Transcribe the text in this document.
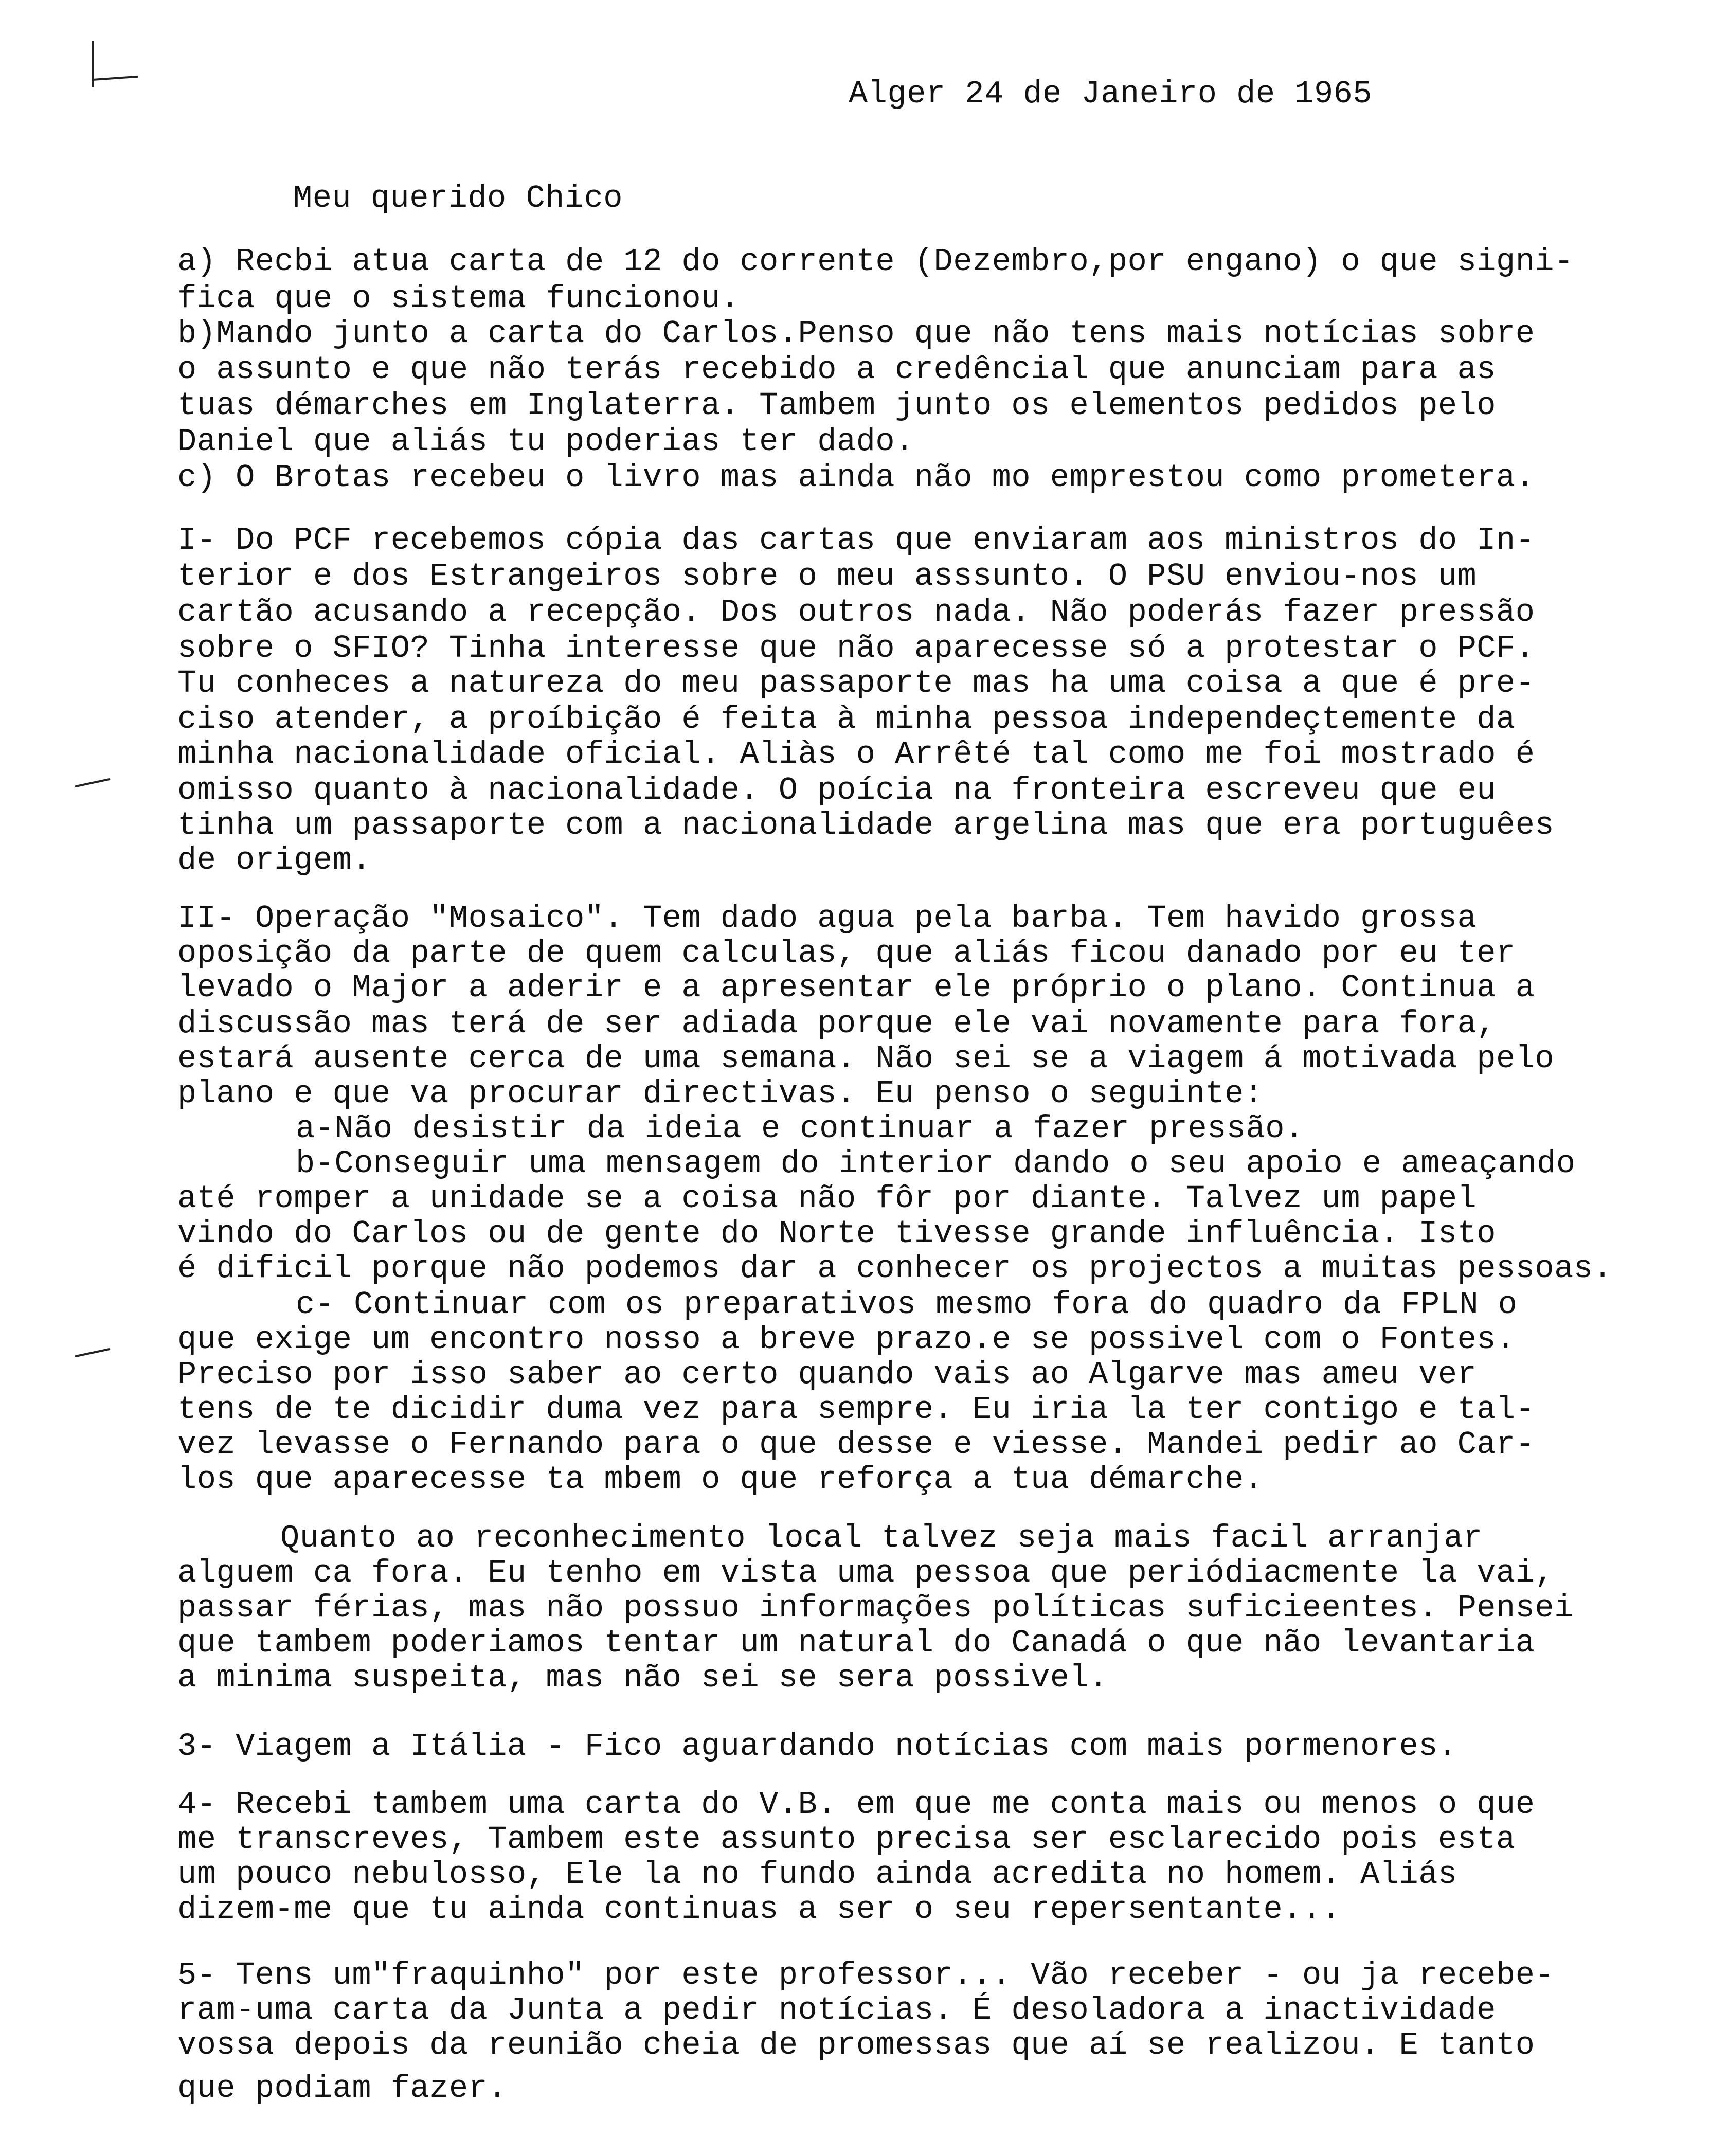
Alger 24 de Janeiro de 1965
Meu querido Chico
a) Recbi atua carta de 12 do corrente (Dezembro,por engano) o que signi-
fica que o sistema funcionou.
b)Mando junto a carta do Carlos.Penso que não tens mais notícias sobre
o assunto e que não terás recebido a credêncial que anunciam para as
tuas démarches em Inglaterra. Tambem junto os elementos pedidos pelo
Daniel que aliás tu poderias ter dado.
c) O Brotas recebeu o livro mas ainda não mo emprestou como prometera.
I- Do PCF recebemos cópia das cartas que enviaram aos ministros do In-
terior e dos Estrangeiros sobre o meu asssunto. O PSU enviou-nos um
cartão acusando a recepção. Dos outros nada. Não poderás fazer pressão
sobre o SFIO? Tinha interesse que não aparecesse só a protestar o PCF.
Tu conheces a natureza do meu passaporte mas ha uma coisa a que é pre-
ciso atender, a proíbição é feita à minha pessoa independeçtemente da
minha nacionalidade oficial. Aliàs o Arrêté tal como me foi mostrado é
omisso quanto à nacionalidade. O poícia na fronteira escreveu que eu
tinha um passaporte com a nacionalidade argelina mas que era portuguêes
de origem.
II- Operação "Mosaico". Tem dado agua pela barba. Tem havido grossa
oposição da parte de quem calculas, que aliás ficou danado por eu ter
levado o Major a aderir e a apresentar ele próprio o plano. Continua a
discussão mas terá de ser adiada porque ele vai novamente para fora,
estará ausente cerca de uma semana. Não sei se a viagem á motivada pelo
plano e que va procurar directivas. Eu penso o seguinte:
a-Não desistir da ideia e continuar a fazer pressão.
b-Conseguir uma mensagem do interior dando o seu apoio e ameaçando
até romper a unidade se a coisa não fôr por diante. Talvez um papel
vindo do Carlos ou de gente do Norte tivesse grande influência. Isto
é dificil porque não podemos dar a conhecer os projectos a muitas pessoas.
c- Continuar com os preparativos mesmo fora do quadro da FPLN o
que exige um encontro nosso a breve prazo.e se possivel com o Fontes.
Preciso por isso saber ao certo quando vais ao Algarve mas ameu ver
tens de te dicidir duma vez para sempre. Eu iria la ter contigo e tal-
vez levasse o Fernando para o que desse e viesse. Mandei pedir ao Car-
los que aparecesse ta mbem o que reforça a tua démarche.
Quanto ao reconhecimento local talvez seja mais facil arranjar
alguem ca fora. Eu tenho em vista uma pessoa que periódiacmente la vai,
passar férias, mas não possuo informações políticas suficieentes. Pensei
que tambem poderiamos tentar um natural do Canadá o que não levantaria
a minima suspeita, mas não sei se sera possivel.
3- Viagem a Itália - Fico aguardando notícias com mais pormenores.
4- Recebi tambem uma carta do V.B. em que me conta mais ou menos o que
me transcreves, Tambem este assunto precisa ser esclarecido pois esta
um pouco nebulosso, Ele la no fundo ainda acredita no homem. Aliás
dizem-me que tu ainda continuas a ser o seu repersentante...
5- Tens um"fraquinho" por este professor... Vão receber - ou ja recebe-
ram-uma carta da Junta a pedir notícias. É desoladora a inactividade
vossa depois da reunião cheia de promessas que aí se realizou. E tanto
que podiam fazer.
